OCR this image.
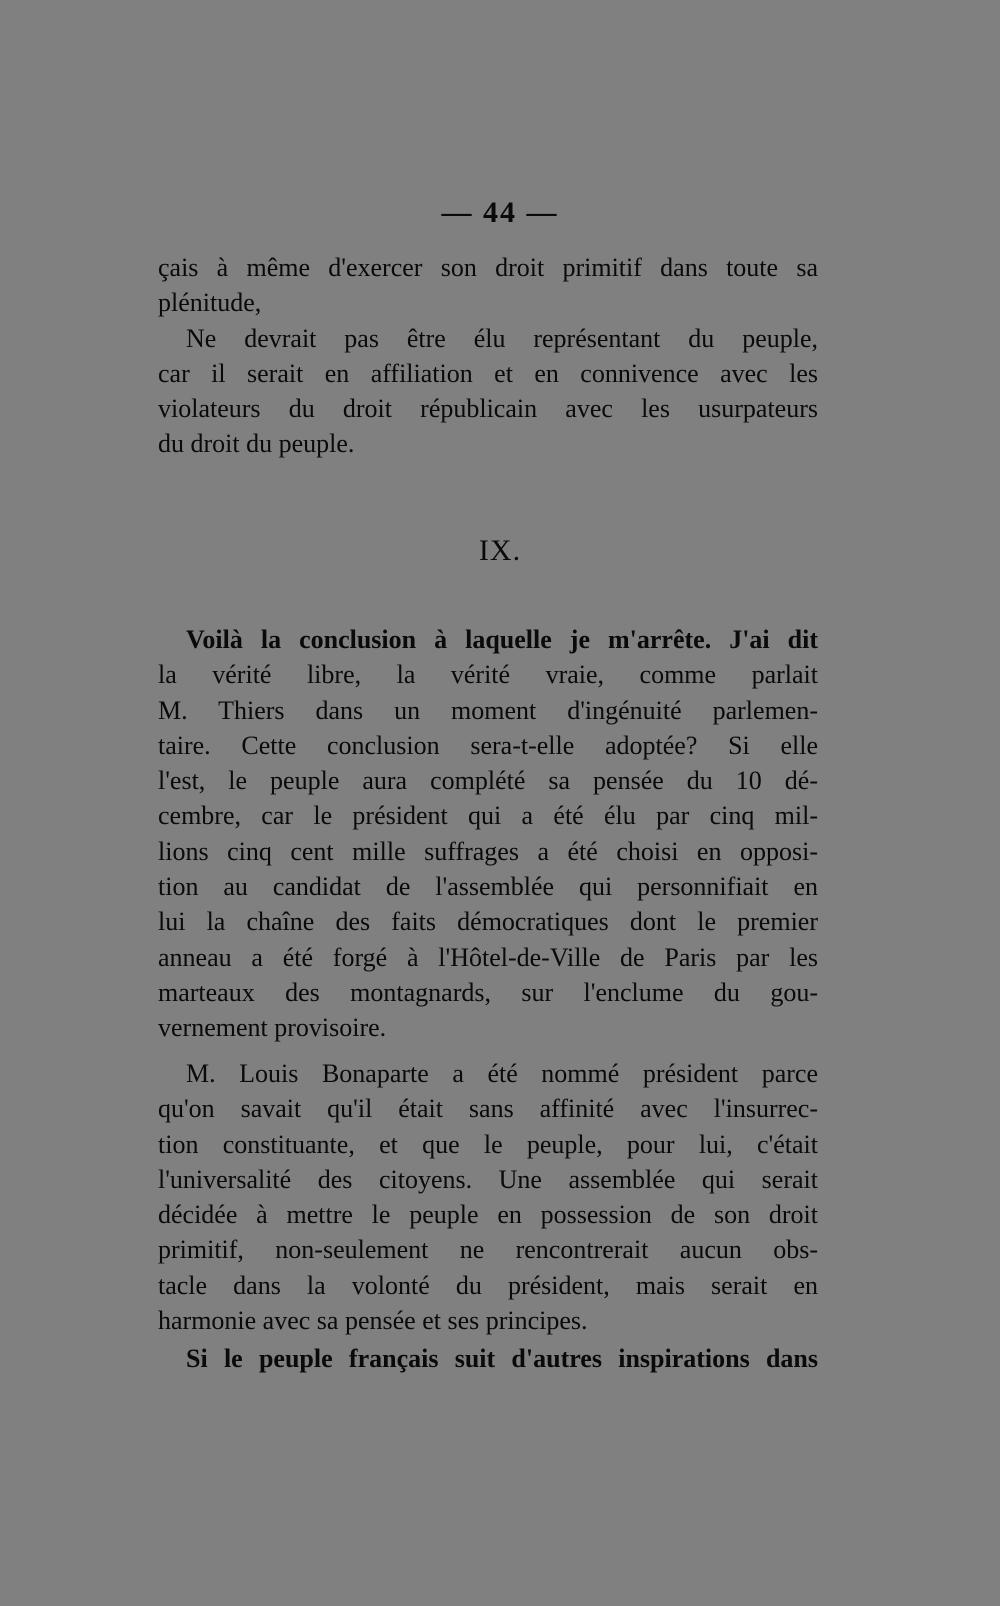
— 44 —
çais à même d'exercer son droit primitif dans toute sa
plénitude,
Ne devrait pas être élu représentant du peuple,
car il serait en affiliation et en connivence avec les
violateurs du droit républicain avec les usurpateurs
du droit du peuple.
IX.
Voilà la conclusion à laquelle je m'arrête. J'ai dit
la vérité libre, la vérité vraie, comme parlait
M. Thiers dans un moment d'ingénuité parlemen-
taire. Cette conclusion sera-t-elle adoptée? Si elle
l'est, le peuple aura complété sa pensée du 10 dé-
cembre, car le président qui a été élu par cinq mil-
lions cinq cent mille suffrages a été choisi en opposi-
tion au candidat de l'assemblée qui personnifiait en
lui la chaîne des faits démocratiques dont le premier
anneau a été forgé à l'Hôtel-de-Ville de Paris par les
marteaux des montagnards, sur l'enclume du gou-
vernement provisoire.
M. Louis Bonaparte a été nommé président parce
qu'on savait qu'il était sans affinité avec l'insurrec-
tion constituante, et que le peuple, pour lui, c'était
l'universalité des citoyens. Une assemblée qui serait
décidée à mettre le peuple en possession de son droit
primitif, non-seulement ne rencontrerait aucun obs-
tacle dans la volonté du président, mais serait en
harmonie avec sa pensée et ses principes.
Si le peuple français suit d'autres inspirations dans
